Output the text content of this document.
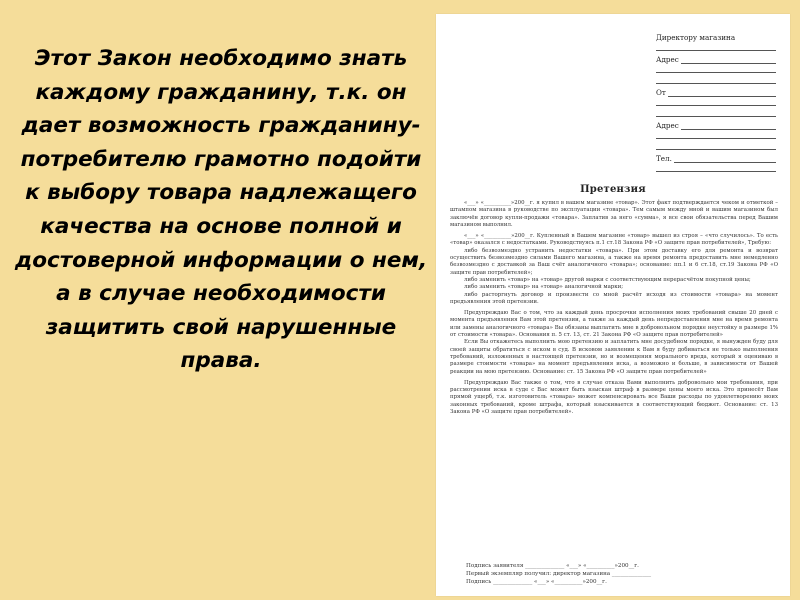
Этот Закон необходимо знать каждому гражданину, т.к. он дает возможность гражданину-потребителю грамотно подойти к выбору товара надлежащего качества на основе полной и достоверной информации о нем, а в случае необходимости защитить свой нарушенные права.

Директору магазина
Адрес
От
Адрес
Тел.
Претензия

«___» «__________»200__г. я купил в вашем магазине «товар». Этот факт подтверждается чеком и отметкой – штампом магазина в руководстве по эксплуатации «товара». Тем самым между мной и вашим магазином был заключён договор купли-продажи «товара». Заплатив за него «сумма», я все свои обязательства перед Вашим магазином выполнил.

«___» «__________»200__г. Купленный в Вашем магазине «товар» вышел из строя – «что случилось». То есть «товар» оказался с недостатками. Руководствуясь п.1 ст.18 Закона РФ «О защите прав потребителей», Требую:

либо безвозмездно устранить недостатки «товара». При этом доставку его для ремонта и возврат осуществить безвозмездно силами Вашего магазина, а также на время ремонта предоставить мне немедленно безвозмездно с доставкой за Ваш счёт аналогичного «товара»; основание: пп.1 и 6 ст.18, ст.19 Закона РФ «О защите прав потребителей»;

либо заменить «товар» на «товар» другой марки с соответствующим перерасчётом покупной цены;

либо заменить «товар» на «товар» аналогичной марки;

либо расторгнуть договор и произвести со мной расчёт исходя из стоимости «товара» на момент предъявления этой претензии.

Предупреждаю Вас о том, что за каждый день просрочки исполнения моих требований свыше 20 дней с момента предъявления Вам этой претензии, а также за каждый день непредоставления мне на время ремонта или замены аналогичного «товара» Вы обязаны выплатить мне в добровольном порядке неустойку в размере 1% от стоимости «товара». Основания п. 5 ст. 13, ст. 21 Закона РФ «О защите прав потребителей»

Если Вы откажетесь выполнить мою претензию и заплатить мне досудебном порядке, я вынужден буду для своей защиты обратиться с иском в суд. В исковом заявлении к Вам я буду добиваться не только выполнения требований, изложенных в настоящей претензии, но и возмещения морального вреда, который я оцениваю в размере стоимости «товара» на момент предъявления иска, а возможно и больше, в зависимости от Вашей реакции на мою претензию. Основание: ст. 15 Закона РФ «О защите прав потребителей»

Предупреждаю Вас также о том, что в случае отказа Вами выполнить добровольно мои требования, при рассмотрении иска в суде с Вас может быть взыскан штраф в размере цены моего иска. Это принесёт Вам прямой ущерб, т.к. изготовитель «товара» может компенсировать все Ваши расходы по удовлетворению моих законных требований, кроме штрафа, который взыскивается в соответствующий бюджет. Основание: ст. 13 Закона РФ «О защите прав потребителей».

Подпись заявителя ______________ «___» «__________»200__г.
Первый экземпляр получил: директор магазина ______________
Подпись ______________ «___» «__________»200__г.
